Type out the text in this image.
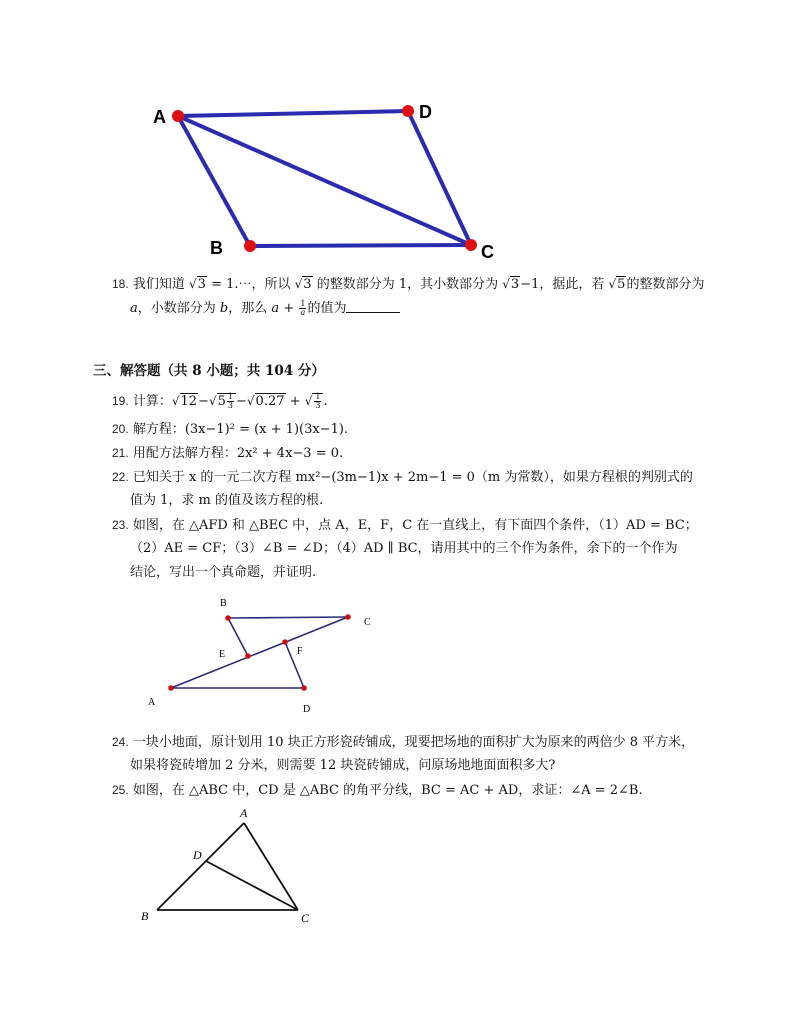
A	D
B	C
18. 我们知道 √3 = 1.⋯，所以 √3 的整数部分为 1，其小数部分为 √3−1，据此，若 √5的整数部分为
a，小数部分为 b，那么 $a + \frac{1}{a}$ 的值为
三、解答题（共 8 小题；共 104 分）
19. 计算：$√12-√5 \frac{1}{3} -√0.27$ + √ $\frac{1}{3}$ .
20. 解方程：(3x−1)² = (x + 1)(3x−1).
21. 用配方法解方程：2x² + 4x−3 = 0.
22. 已知关于 x 的一元二次方程 mx²−(3m−1)x + 2m−1 = 0（m 为常数），如果方程根的判别式的
值为 1，求 m 的值及该方程的根.
23. 如图，在 △AFD 和 △BEC 中，点 A，E，F，C 在一直线上，有下面四个条件，（1）AD = BC；
（2）AE = CF；（3）∠B = ∠D；（4）AD ∥ BC，请用其中的三个作为条件，余下的一个作为
结论，写出一个真命题，并证明.
B
C
E	F
A
D
24. 一块小地面，原计划用 10 块正方形瓷砖铺成，现要把场地的面积扩大为原来的两倍少 8 平方米，
如果将瓷砖增加 2 分米，则需要 12 块瓷砖铺成，问原场地地面面积多大?
25. 如图，在 △ABC 中，CD 是 △ABC 的角平分线，BC = AC + AD，求证：∠A = 2∠B.
A
D
B	C
